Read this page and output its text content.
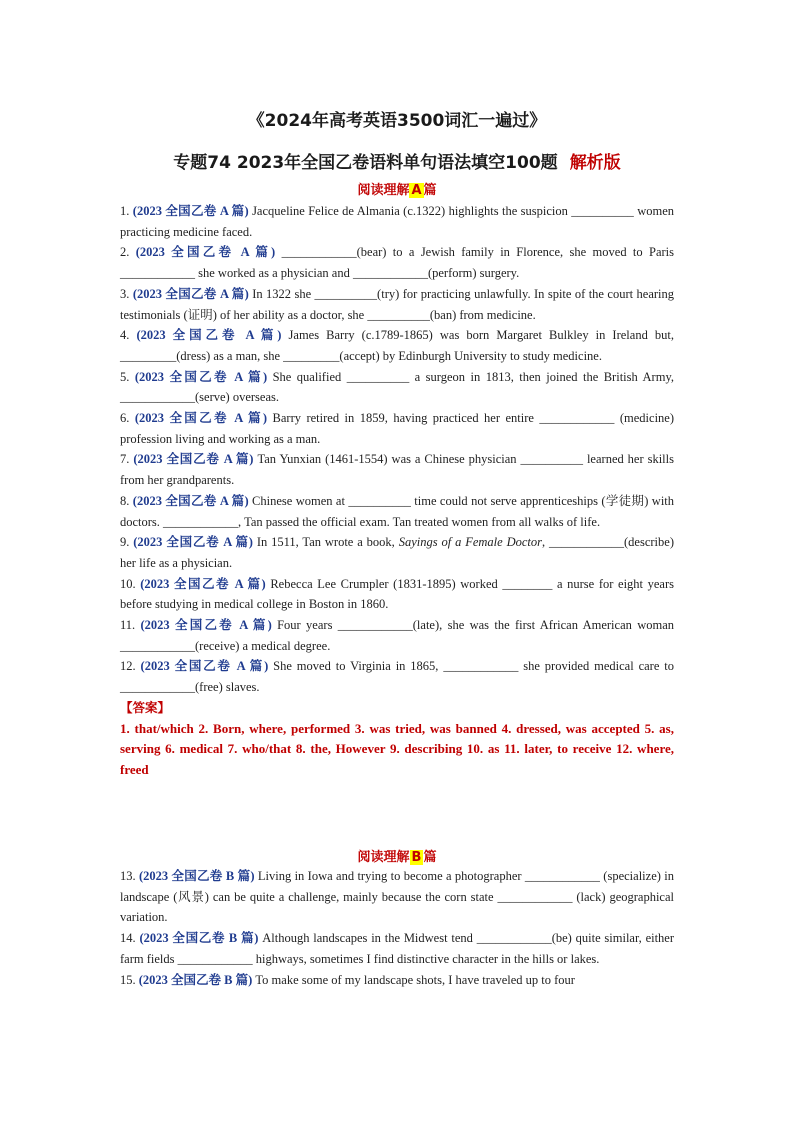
《2024年高考英语3500词汇一遍过》
专题74 2023年全国乙卷语料单句语法填空100题 解析版
阅读理解 A 篇

1. (2023 全国乙卷 A 篇) Jacqueline Felice de Almania (c.1322) highlights the suspicion __________ women practicing medicine faced.

2. (2023 全国乙卷 A 篇) ____________(bear) to a Jewish family in Florence, she moved to Paris ____________ she worked as a physician and ____________(perform) surgery.

3. (2023 全国乙卷 A 篇) In 1322 she __________(try) for practicing unlawfully. In spite of the court hearing testimonials (证明) of her ability as a doctor, she __________(ban) from medicine.

4. (2023 全国乙卷 A 篇) James Barry (c.1789-1865) was born Margaret Bulkley in Ireland but, _________(dress) as a man, she _________(accept) by Edinburgh University to study medicine.

5. (2023 全国乙卷 A 篇) She qualified __________ a surgeon in 1813, then joined the British Army, ____________(serve) overseas.

6. (2023 全国乙卷 A 篇) Barry retired in 1859, having practiced her entire ____________ (medicine) profession living and working as a man.

7. (2023 全国乙卷 A 篇) Tan Yunxian (1461-1554) was a Chinese physician __________ learned her skills from her grandparents.

8. (2023 全国乙卷 A 篇) Chinese women at __________ time could not serve apprenticeships (学徒期) with doctors. ____________, Tan passed the official exam. Tan treated women from all walks of life.

9. (2023 全国乙卷 A 篇) In 1511, Tan wrote a book, Sayings of a Female Doctor, ____________(describe) her life as a physician.

10. (2023 全国乙卷 A 篇) Rebecca Lee Crumpler (1831-1895) worked ________ a nurse for eight years before studying in medical college in Boston in 1860.

11. (2023 全国乙卷 A 篇) Four years ____________(late), she was the first African American woman ____________(receive) a medical degree.

12. (2023 全国乙卷 A 篇) She moved to Virginia in 1865, ____________ she provided medical care to ____________(free) slaves.

【答案】

1. that/which 2. Born, where, performed 3. was tried, was banned 4. dressed, was accepted 5. as, serving 6. medical 7. who/that 8. the, However 9. describing 10. as 11. later, to receive 12. where, freed

阅读理解 B 篇

13. (2023 全国乙卷 B 篇) Living in Iowa and trying to become a photographer ____________ (specialize) in landscape (风景) can be quite a challenge, mainly because the corn state ____________ (lack) geographical variation.

14. (2023 全国乙卷 B 篇) Although landscapes in the Midwest tend ____________(be) quite similar, either farm fields ____________ highways, sometimes I find distinctive character in the hills or lakes.

15. (2023 全国乙卷 B 篇) To make some of my landscape shots, I have traveled up to four
